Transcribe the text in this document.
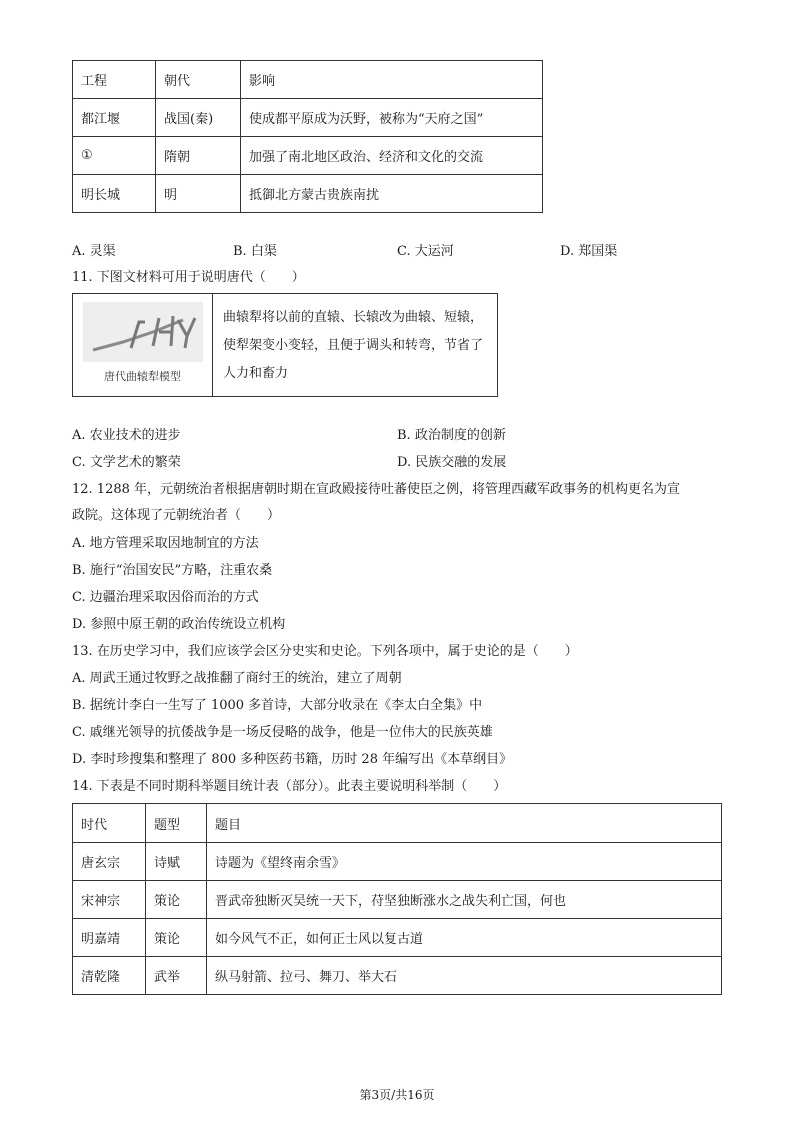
工程	朝代	影响
都江堰	战国(秦)	使成都平原成为沃野，被称为“天府之国”
①	隋朝	加强了南北地区政治、经济和文化的交流
明长城	明	抵御北方蒙古贵族南扰
A. 灵渠	B. 白渠	C. 大运河	D. 郑国渠
11. 下图文材料可用于说明唐代（　　）
唐代曲辕犁模型
曲辕犁将以前的直辕、长辕改为曲辕、短辕，使犁架变小变轻，且便于调头和转弯，节省了人力和畜力
A. 农业技术的进步	B. 政治制度的创新
C. 文学艺术的繁荣	D. 民族交融的发展
12. 1288 年，元朝统治者根据唐朝时期在宣政殿接待吐蕃使臣之例，将管理西藏军政事务的机构更名为宣
政院。这体现了元朝统治者（　　）
A. 地方管理采取因地制宜的方法
B. 施行“治国安民”方略，注重农桑
C. 边疆治理采取因俗而治的方式
D. 参照中原王朝的政治传统设立机构
13. 在历史学习中，我们应该学会区分史实和史论。下列各项中，属于史论的是（　　）
A. 周武王通过牧野之战推翻了商纣王的统治，建立了周朝
B. 据统计李白一生写了 1000 多首诗，大部分收录在《李太白全集》中
C. 戚继光领导的抗倭战争是一场反侵略的战争，他是一位伟大的民族英雄
D. 李时珍搜集和整理了 800 多种医药书籍，历时 28 年编写出《本草纲目》
14. 下表是不同时期科举题目统计表（部分）。此表主要说明科举制（　　）
时代	题型	题目
唐玄宗	诗赋	诗题为《望终南余雪》
宋神宗	策论	晋武帝独断灭吴统一天下，苻坚独断涨水之战失利亡国，何也
明嘉靖	策论	如今风气不正，如何正士风以复古道
清乾隆	武举	纵马射箭、拉弓、舞刀、举大石
第3页/共16页
